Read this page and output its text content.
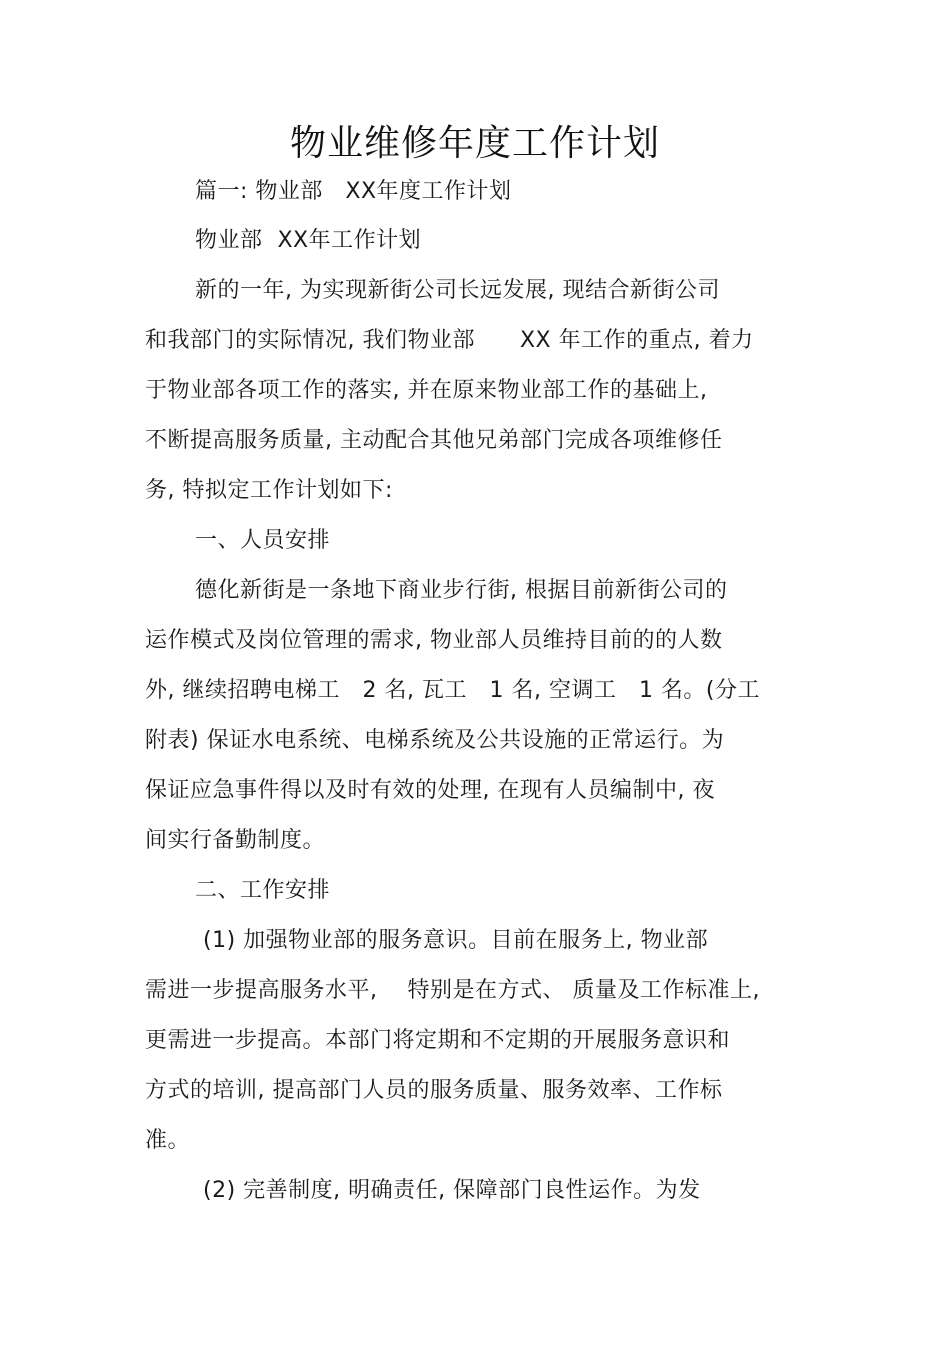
物业维修年度工作计划
篇一: 物业部　XX年度工作计划
物业部  XX年工作计划
新的一年, 为实现新街公司长远发展, 现结合新街公司
和我部门的实际情况, 我们物业部　　XX 年工作的重点, 着力
于物业部各项工作的落实, 并在原来物业部工作的基础上,
不断提高服务质量, 主动配合其他兄弟部门完成各项维修任
务, 特拟定工作计划如下:
一、人员安排
德化新街是一条地下商业步行街, 根据目前新街公司的
运作模式及岗位管理的需求, 物业部人员维持目前的的人数
外, 继续招聘电梯工　2 名, 瓦工　1 名, 空调工　1 名。(分工
附表) 保证水电系统、电梯系统及公共设施的正常运行。为
保证应急事件得以及时有效的处理, 在现有人员编制中, 夜
间实行备勤制度。
二、工作安排
(1) 加强物业部的服务意识。目前在服务上, 物业部
需进一步提高服务水平,　 特别是在方式、 质量及工作标准上,
更需进一步提高。本部门将定期和不定期的开展服务意识和
方式的培训, 提高部门人员的服务质量、服务效率、工作标
准。
(2) 完善制度, 明确责任, 保障部门良性运作。为发
